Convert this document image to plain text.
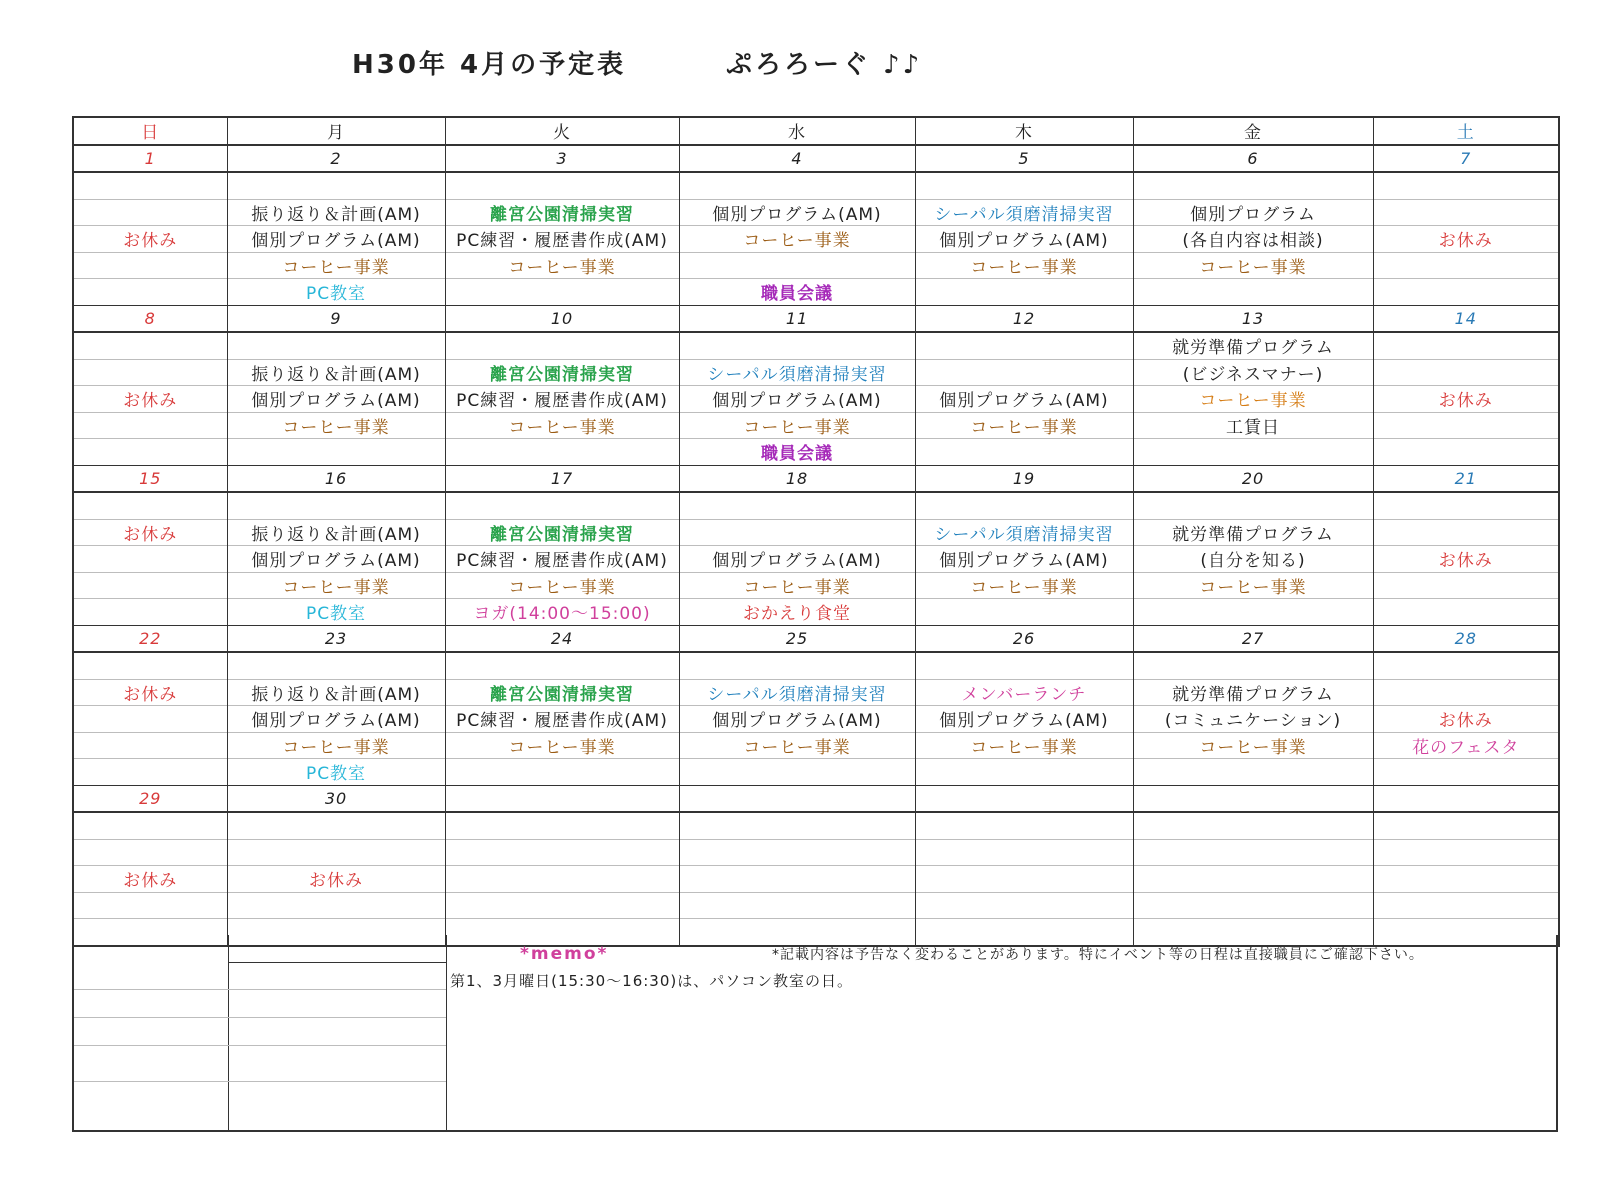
H30年 4月の予定表	ぷろろーぐ ♪♪
日	月	火	水	木	金	土
1	2	3	4	5	6	7

	振り返り＆計画(AM)	離宮公園清掃実習	個別プログラム(AM)	シーパル須磨清掃実習	個別プログラム	
お休み	個別プログラム(AM)	PC練習・履歴書作成(AM)	コーヒー事業	個別プログラム(AM)	(各自内容は相談)	お休み
	コーヒー事業	コーヒー事業		コーヒー事業	コーヒー事業	
	PC教室		職員会議			
8	9	10	11	12	13	14
					就労準備プログラム	
	振り返り＆計画(AM)	離宮公園清掃実習	シーパル須磨清掃実習		(ビジネスマナー)	
お休み	個別プログラム(AM)	PC練習・履歴書作成(AM)	個別プログラム(AM)	個別プログラム(AM)	コーヒー事業	お休み
	コーヒー事業	コーヒー事業	コーヒー事業	コーヒー事業	工賃日	
			職員会議			
15	16	17	18	19	20	21

お休み	振り返り＆計画(AM)	離宮公園清掃実習		シーパル須磨清掃実習	就労準備プログラム	
	個別プログラム(AM)	PC練習・履歴書作成(AM)	個別プログラム(AM)	個別プログラム(AM)	(自分を知る)	お休み
	コーヒー事業	コーヒー事業	コーヒー事業	コーヒー事業	コーヒー事業	
	PC教室	ヨガ(14:00～15:00)	おかえり食堂			
22	23	24	25	26	27	28

お休み	振り返り＆計画(AM)	離宮公園清掃実習	シーパル須磨清掃実習	メンバーランチ	就労準備プログラム	
	個別プログラム(AM)	PC練習・履歴書作成(AM)	個別プログラム(AM)	個別プログラム(AM)	(コミュニケーション)	お休み
	コーヒー事業	コーヒー事業	コーヒー事業	コーヒー事業	コーヒー事業	花のフェスタ
	PC教室					
29	30					

お休み	お休み					

*memo*	*記載内容は予告なく変わることがあります。特にイベント等の日程は直接職員にご確認下さい。
第1、3月曜日(15:30～16:30)は、パソコン教室の日。
